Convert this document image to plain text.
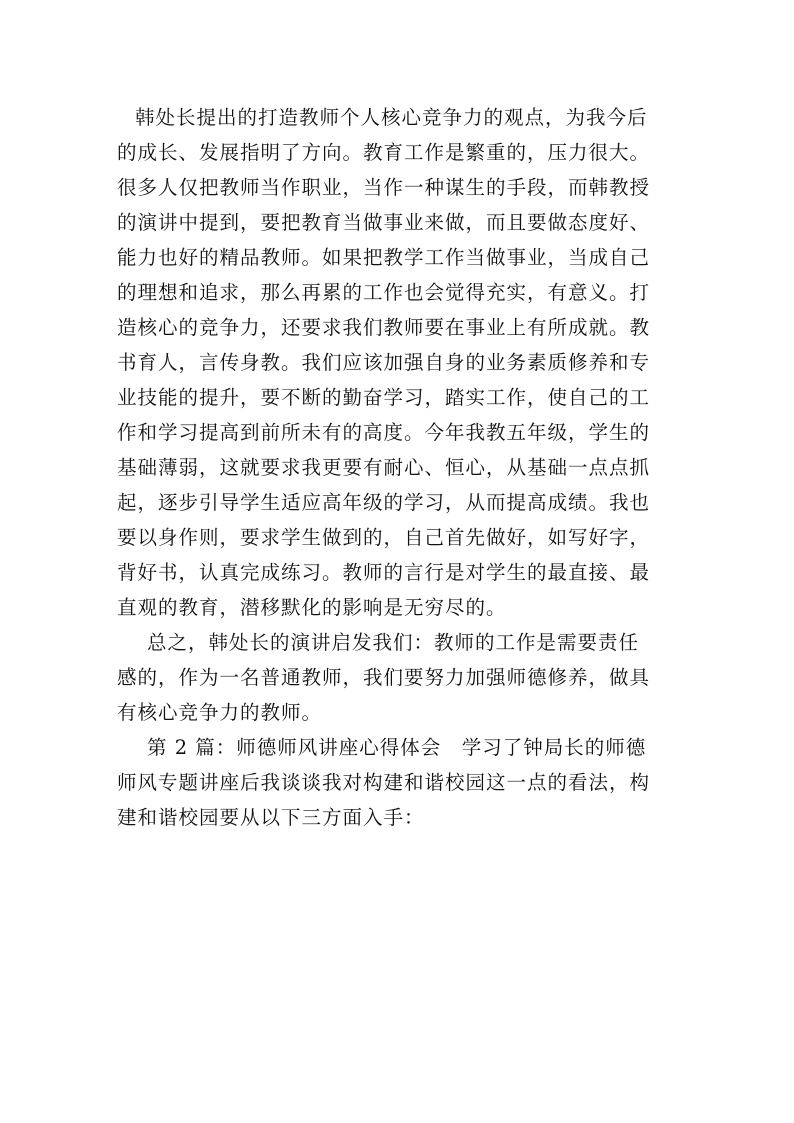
韩处长提出的打造教师个人核心竞争力的观点，为我今后
的成长、发展指明了方向。教育工作是繁重的，压力很大。
很多人仅把教师当作职业，当作一种谋生的手段，而韩教授
的演讲中提到，要把教育当做事业来做，而且要做态度好、
能力也好的精品教师。如果把教学工作当做事业，当成自己
的理想和追求，那么再累的工作也会觉得充实，有意义。打
造核心的竞争力，还要求我们教师要在事业上有所成就。教
书育人，言传身教。我们应该加强自身的业务素质修养和专
业技能的提升，要不断的勤奋学习，踏实工作，使自己的工
作和学习提高到前所未有的高度。今年我教五年级，学生的
基础薄弱，这就要求我更要有耐心、恒心，从基础一点点抓
起，逐步引导学生适应高年级的学习，从而提高成绩。我也
要以身作则，要求学生做到的，自己首先做好，如写好字，
背好书，认真完成练习。教师的言行是对学生的最直接、最
直观的教育，潜移默化的影响是无穷尽的。
总之，韩处长的演讲启发我们：教师的工作是需要责任
感的，作为一名普通教师，我们要努力加强师德修养，做具
有核心竞争力的教师。
第 2 篇：师德师风讲座心得体会　学习了钟局长的师德
师风专题讲座后我谈谈我对构建和谐校园这一点的看法，构
建和谐校园要从以下三方面入手：
